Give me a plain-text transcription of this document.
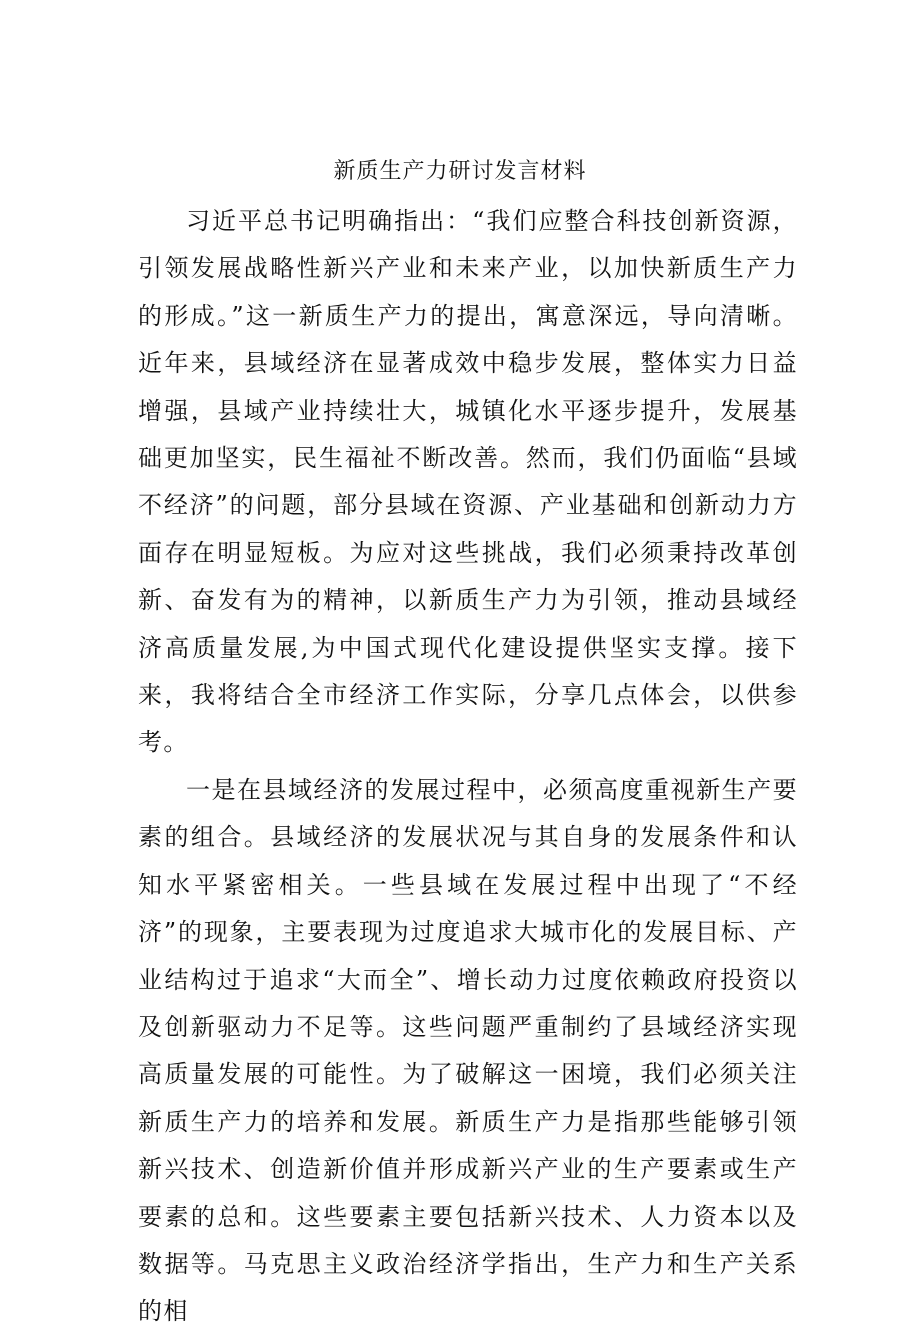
新质生产力研讨发言材料

习近平总书记明确指出：“我们应整合科技创新资源，引领发展战略性新兴产业和未来产业，以加快新质生产力的形成。”这一新质生产力的提出，寓意深远，导向清晰。近年来，县域经济在显著成效中稳步发展，整体实力日益增强，县域产业持续壮大，城镇化水平逐步提升，发展基础更加坚实，民生福祉不断改善。然而，我们仍面临“县域不经济”的问题，部分县域在资源、产业基础和创新动力方面存在明显短板。为应对这些挑战，我们必须秉持改革创新、奋发有为的精神，以新质生产力为引领，推动县域经济高质量发展,为中国式现代化建设提供坚实支撑。接下来，我将结合全市经济工作实际，分享几点体会，以供参考。

一是在县域经济的发展过程中，必须高度重视新生产要素的组合。县域经济的发展状况与其自身的发展条件和认知水平紧密相关。一些县域在发展过程中出现了“不经济”的现象，主要表现为过度追求大城市化的发展目标、产业结构过于追求“大而全”、增长动力过度依赖政府投资以及创新驱动力不足等。这些问题严重制约了县域经济实现高质量发展的可能性。为了破解这一困境，我们必须关注新质生产力的培养和发展。新质生产力是指那些能够引领新兴技术、创造新价值并形成新兴产业的生产要素或生产要素的总和。这些要素主要包括新兴技术、人力资本以及数据等。马克思主义政治经济学指出，生产力和生产关系的相
